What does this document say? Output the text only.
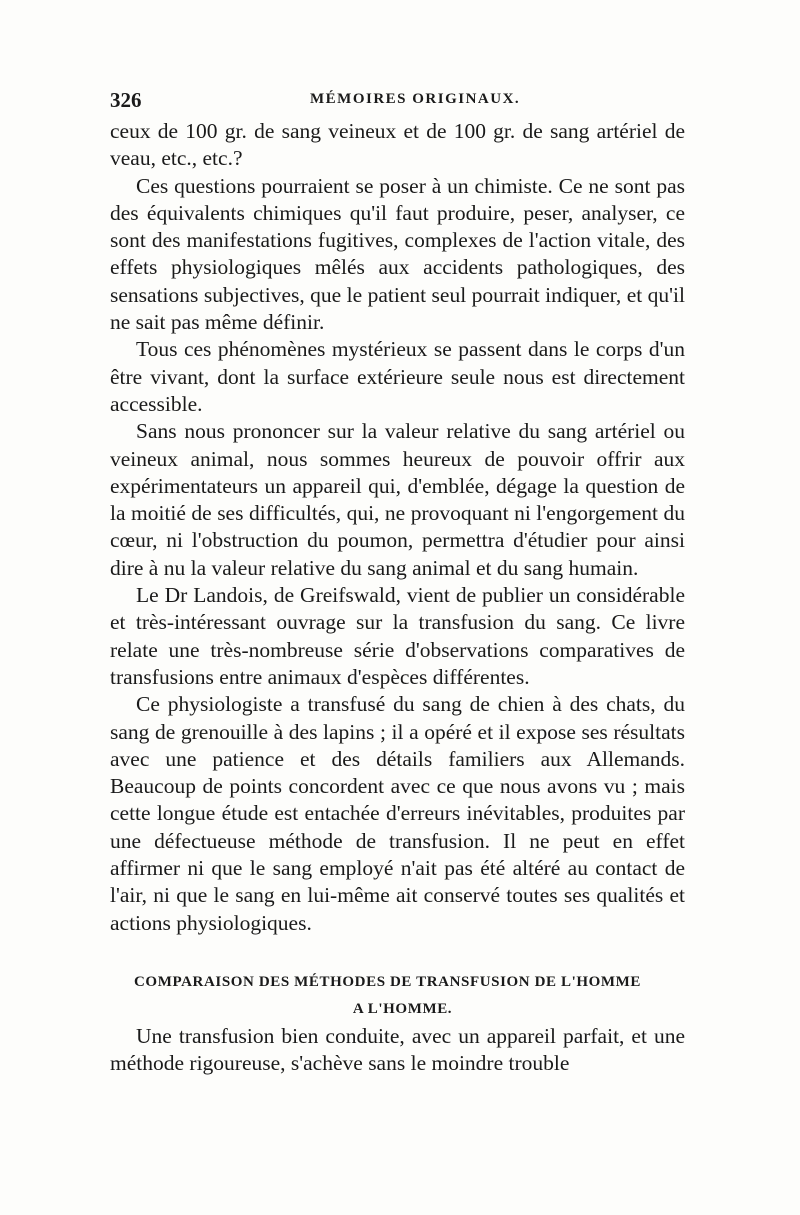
326	MÉMOIRES ORIGINAUX.

ceux de 100 gr. de sang veineux et de 100 gr. de sang artériel de veau, etc., etc.?

Ces questions pourraient se poser à un chimiste. Ce ne sont pas des équivalents chimiques qu'il faut produire, peser, analyser, ce sont des manifestations fugitives, complexes de l'action vitale, des effets physiologiques mêlés aux accidents pathologiques, des sensations subjectives, que le patient seul pourrait indiquer, et qu'il ne sait pas même définir.

Tous ces phénomènes mystérieux se passent dans le corps d'un être vivant, dont la surface extérieure seule nous est directement accessible.

Sans nous prononcer sur la valeur relative du sang artériel ou veineux animal, nous sommes heureux de pouvoir offrir aux expérimentateurs un appareil qui, d'emblée, dégage la question de la moitié de ses difficultés, qui, ne provoquant ni l'engorgement du cœur, ni l'obstruction du poumon, permettra d'étudier pour ainsi dire à nu la valeur relative du sang animal et du sang humain.

Le Dr Landois, de Greifswald, vient de publier un considérable et très-intéressant ouvrage sur la transfusion du sang. Ce livre relate une très-nombreuse série d'observations comparatives de transfusions entre animaux d'espèces différentes.

Ce physiologiste a transfusé du sang de chien à des chats, du sang de grenouille à des lapins ; il a opéré et il expose ses résultats avec une patience et des détails familiers aux Allemands. Beaucoup de points concordent avec ce que nous avons vu ; mais cette longue étude est entachée d'erreurs inévitables, produites par une défectueuse méthode de transfusion. Il ne peut en effet affirmer ni que le sang employé n'ait pas été altéré au contact de l'air, ni que le sang en lui-même ait conservé toutes ses qualités et actions physiologiques.

COMPARAISON DES MÉTHODES DE TRANSFUSION DE L'HOMME
A L'HOMME.

Une transfusion bien conduite, avec un appareil parfait, et une méthode rigoureuse, s'achève sans le moindre trouble
